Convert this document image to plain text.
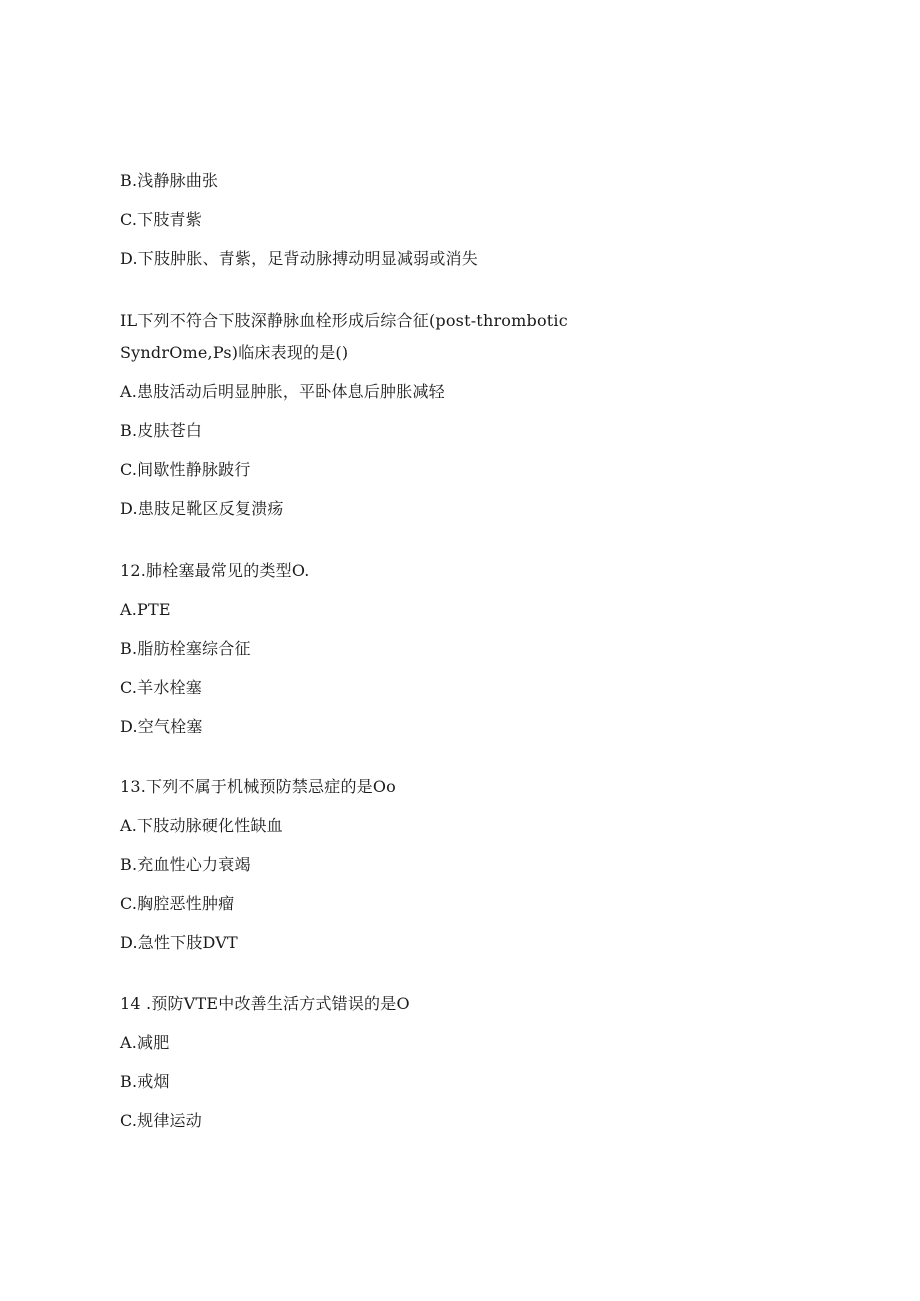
B.浅静脉曲张
C.下肢青紫
D.下肢肿胀、青紫，足背动脉搏动明显减弱或消失
IL下列不符合下肢深静脉血栓形成后综合征(post-thrombotic
SyndrOme,Ps)临床表现的是()
A.患肢活动后明显肿胀，平卧体息后肿胀减轻
B.皮肤苍白
C.间歇性静脉跛行
D.患肢足靴区反复溃疡
12.肺栓塞最常见的类型O.
A.PTE
B.脂肪栓塞综合征
C.羊水栓塞
D.空气栓塞
13.下列不属于机械预防禁忌症的是Oo
A.下肢动脉硬化性缺血
B.充血性心力衰竭
C.胸腔恶性肿瘤
D.急性下肢DVT
14 .预防VTE中改善生活方式错误的是O
A.减肥
B.戒烟
C.规律运动
